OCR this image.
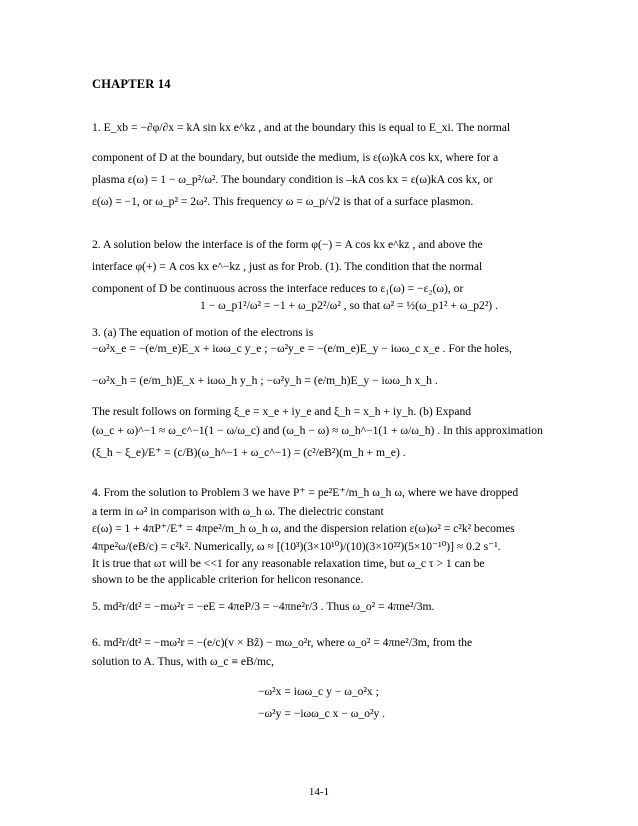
CHAPTER 14
1. E_xb = −∂φ/∂x = kA sin kx e^kz , and at the boundary this is equal to E_xi. The normal
component of D at the boundary, but outside the medium, is ε(ω)kA cos kx, where for a
plasma ε(ω) = 1 − ω_p²/ω². The boundary condition is –kA cos kx = ε(ω)kA cos kx, or
ε(ω) = −1, or ω_p² = 2ω². This frequency ω = ω_p/√2 is that of a surface plasmon.
2. A solution below the interface is of the form φ(−) = A cos kx e^kz , and above the
interface φ(+) = A cos kx e^−kz , just as for Prob. (1). The condition that the normal
component of D be continuous across the interface reduces to ε₁(ω) = −ε₂(ω), or
1 − ω_p1²/ω² = −1 + ω_p2²/ω² , so that ω² = ½(ω_p1² + ω_p2²) .
3. (a) The equation of motion of the electrons is
−ω²x_e = −(e/m_e)E_x + iωω_c y_e ; −ω²y_e = −(e/m_e)E_y − iωω_c x_e . For the holes,
−ω²x_h = (e/m_h)E_x + iωω_h y_h ; −ω²y_h = (e/m_h)E_y − iωω_h x_h .
The result follows on forming ξ_e = x_e + iy_e and ξ_h = x_h + iy_h. (b) Expand
(ω_c + ω)^−1 ≈ ω_c^−1(1 − ω/ω_c) and (ω_h − ω) ≈ ω_h^−1(1 + ω/ω_h) . In this approximation
(ξ_h − ξ_e)/E⁺ = (c/B)(ω_h^−1 + ω_c^−1) = (c²/eB²)(m_h + m_e) .
4. From the solution to Problem 3 we have P⁺ = pe²E⁺/m_h ω_h ω, where we have dropped
a term in ω² in comparison with ω_h ω. The dielectric constant
ε(ω) = 1 + 4πP⁺/E⁺ = 4πpe²/m_h ω_h ω, and the dispersion relation ε(ω)ω² = c²k² becomes
4πpe²ω/(eB/c) = c²k². Numerically, ω ≈ [(10³)(3×10¹⁰)/(10)(3×10²²)(5×10⁻¹⁰)] ≈ 0.2 s⁻¹.
It is true that ωτ will be <<1 for any reasonable relaxation time, but ω_c τ > 1 can be
shown to be the applicable criterion for helicon resonance.
5. md²r/dt² = −mω²r = −eE = 4πeP/3 = −4πne²r/3 . Thus ω_o² = 4πne²/3m.
6. md²r/dt² = −mω²r = −(e/c)(v × Bẑ) − mω_o²r, where ω_o² = 4πne²/3m, from the
solution to A. Thus, with ω_c ≡ eB/mc,
−ω²x = iωω_c y − ω_o²x ;
−ω²y = −iωω_c x − ω_o²y .
14-1
